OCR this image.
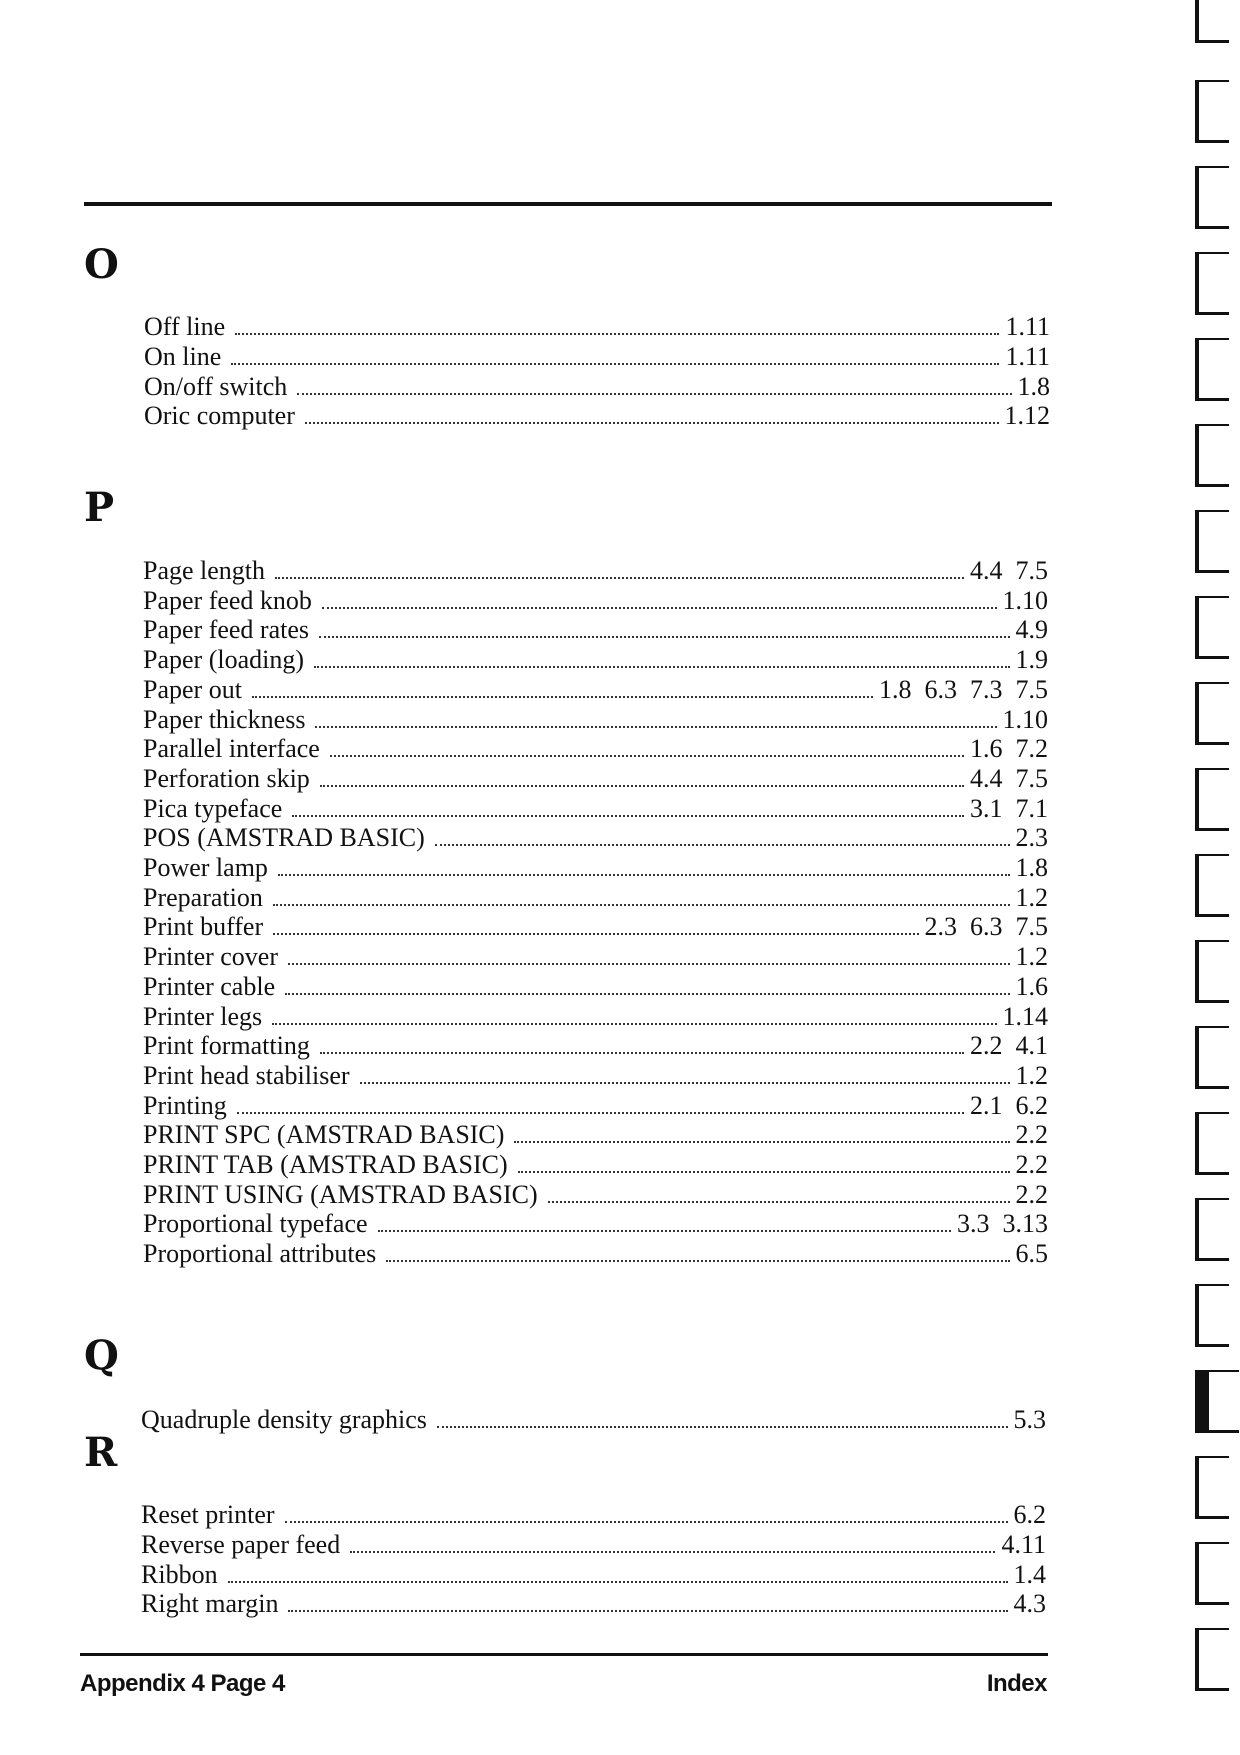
O
P
Q
R
Off line	1.11
On line	1.11
On/off switch	1.8
Oric computer	1.12
Page length	4.4  7.5
Paper feed knob	1.10
Paper feed rates	4.9
Paper (loading)	1.9
Paper out	1.8  6.3  7.3  7.5
Paper thickness	1.10
Parallel interface	1.6  7.2
Perforation skip	4.4  7.5
Pica typeface	3.1  7.1
POS (AMSTRAD BASIC)	2.3
Power lamp	1.8
Preparation	1.2
Print buffer	2.3  6.3  7.5
Printer cover	1.2
Printer cable	1.6
Printer legs	1.14
Print formatting	2.2  4.1
Print head stabiliser	1.2
Printing	2.1  6.2
PRINT SPC (AMSTRAD BASIC)	2.2
PRINT TAB (AMSTRAD BASIC)	2.2
PRINT USING (AMSTRAD BASIC)	2.2
Proportional typeface	3.3  3.13
Proportional attributes	6.5
Quadruple density graphics	5.3
Reset printer	6.2
Reverse paper feed	4.11
Ribbon	1.4
Right margin	4.3
Appendix 4 Page 4	Index
